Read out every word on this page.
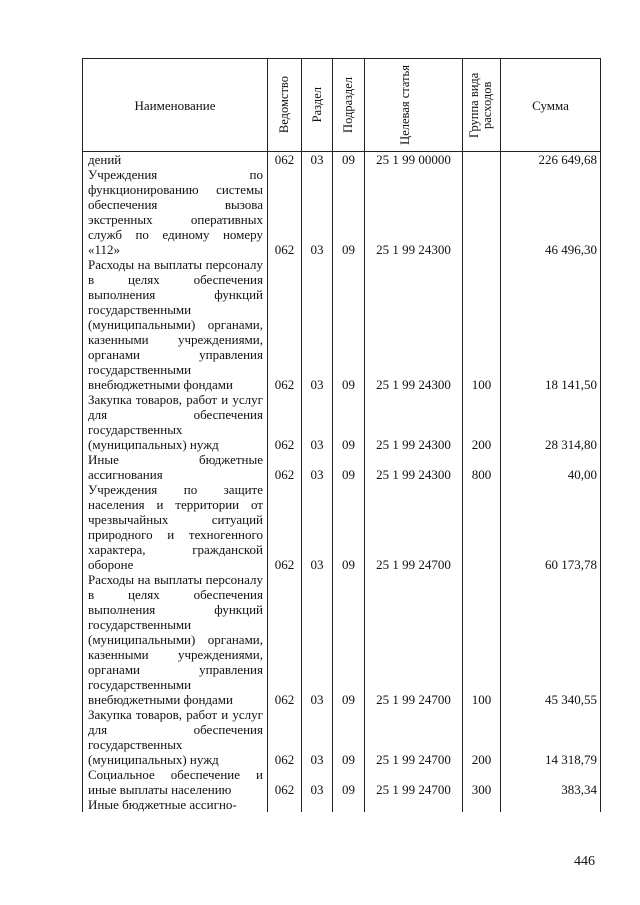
Наименование	Ведомство	Раздел	Подраздел	Целевая статья	Группа вида расходов	Сумма
дений	062	03	09	25 1 99 00000		226 649,68
Учреждения по функционированию системы обеспечения вызова экстренных оперативных служб по единому номеру «112»	062	03	09	25 1 99 24300		46 496,30
Расходы на выплаты персоналу в целях обеспечения выполнения функций государственными (муниципальными) органами, казенными учреждениями, органами управления государственными внебюджетными фондами	062	03	09	25 1 99 24300	100	18 141,50
Закупка товаров, работ и услуг для обеспечения государственных (муниципальных) нужд	062	03	09	25 1 99 24300	200	28 314,80
Иные бюджетные ассигнования	062	03	09	25 1 99 24300	800	40,00
Учреждения по защите населения и территории от чрезвычайных ситуаций природного и техногенного характера, гражданской обороне	062	03	09	25 1 99 24700		60 173,78
Расходы на выплаты персоналу в целях обеспечения выполнения функций государственными (муниципальными) органами, казенными учреждениями, органами управления государственными внебюджетными фондами	062	03	09	25 1 99 24700	100	45 340,55
Закупка товаров, работ и услуг для обеспечения государственных (муниципальных) нужд	062	03	09	25 1 99 24700	200	14 318,79
Социальное обеспечение и иные выплаты населению	062	03	09	25 1 99 24700	300	383,34
Иные бюджетные ассигно-						
446
